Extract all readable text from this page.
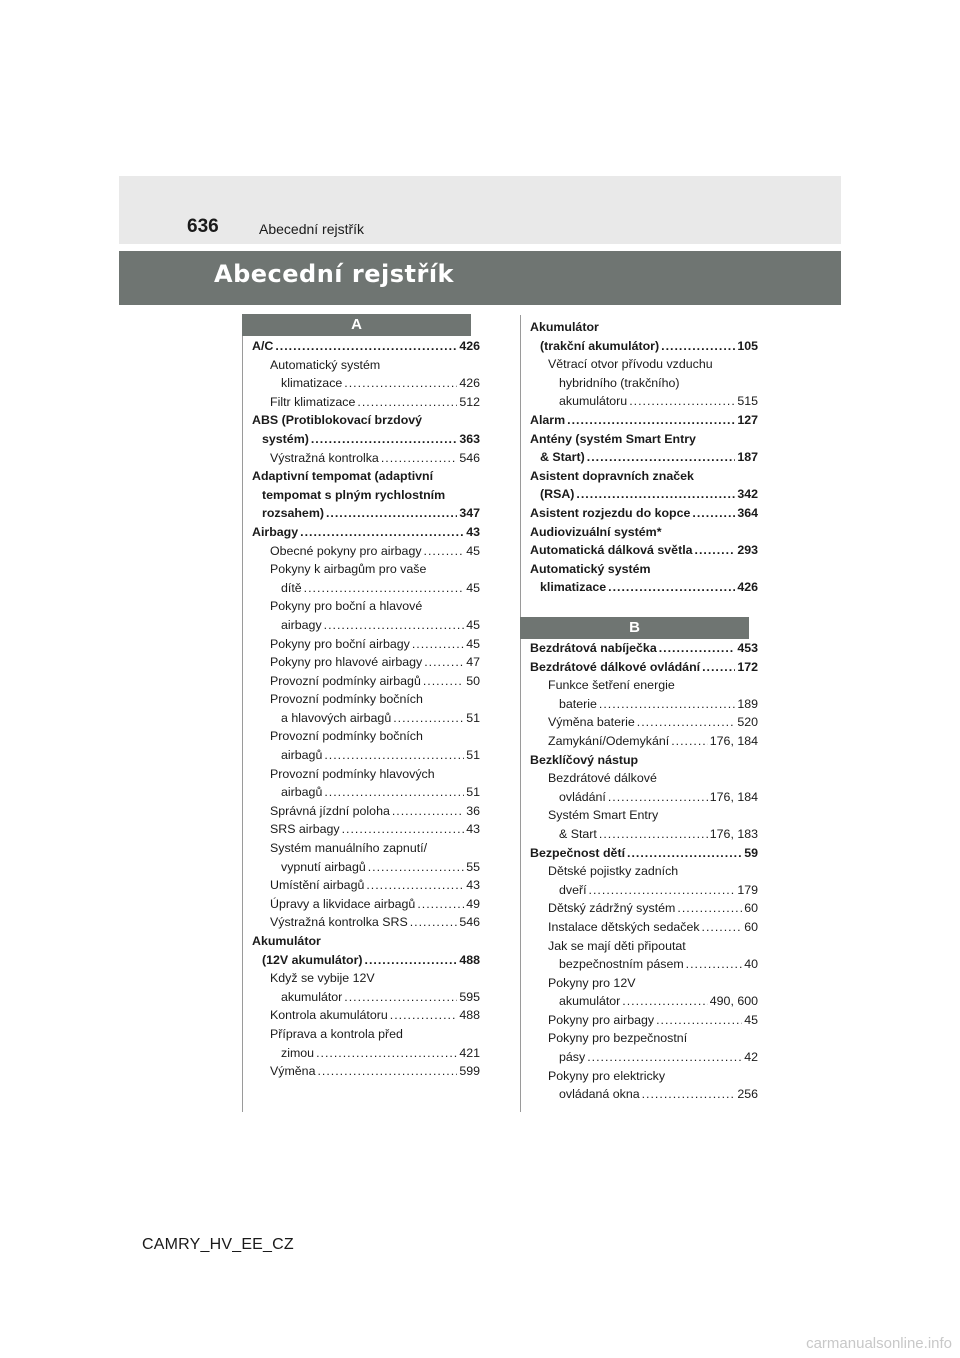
636	Abecední rejstřík
Abecední rejstřík
A
A/C .....	426
Automatický systém
klimatizace .....	426
Filtr klimatizace .....	512
ABS (Protiblokovací brzdový
systém) .....	363
Výstražná kontrolka .....	546
Adaptivní tempomat (adaptivní
tempomat s plným rychlostním
rozsahem) .....	347
Airbagy .....	43
Obecné pokyny pro airbagy .....	45
Pokyny k airbagům pro vaše
dítě .....	45
Pokyny pro boční a hlavové
airbagy .....	45
Pokyny pro boční airbagy .....	45
Pokyny pro hlavové airbagy .....	47
Provozní podmínky airbagů .....	50
Provozní podmínky bočních
a hlavových airbagů .....	51
Provozní podmínky bočních
airbagů .....	51
Provozní podmínky hlavových
airbagů .....	51
Správná jízdní poloha .....	36
SRS airbagy .....	43
Systém manuálního zapnutí/
vypnutí airbagů .....	55
Umístění airbagů .....	43
Úpravy a likvidace airbagů .....	49
Výstražná kontrolka SRS .....	546
Akumulátor
(12V akumulátor) .....	488
Když se vybije 12V
akumulátor .....	595
Kontrola akumulátoru .....	488
Příprava a kontrola před
zimou .....	421
Výměna .....	599
Akumulátor
(trakční akumulátor) .....	105
Větrací otvor přívodu vzduchu
hybridního (trakčního)
akumulátoru .....	515
Alarm .....	127
Antény (systém Smart Entry
& Start) .....	187
Asistent dopravních značek
(RSA) .....	342
Asistent rozjezdu do kopce .....	364
Audiovizuální systém*
Automatická dálková světla .....	293
Automatický systém
klimatizace .....	426
B
Bezdrátová nabíječka .....	453
Bezdrátové dálkové ovládání .....	172
Funkce šetření energie
baterie .....	189
Výměna baterie .....	520
Zamykání/Odemykání .....	176, 184
Bezklíčový nástup
Bezdrátové dálkové
ovládání .....	176, 184
Systém Smart Entry
& Start .....	176, 183
Bezpečnost dětí .....	59
Dětské pojistky zadních
dveří .....	179
Dětský zádržný systém .....	60
Instalace dětských sedaček .....	60
Jak se mají děti připoutat
bezpečnostním pásem .....	40
Pokyny pro 12V
akumulátor .....	490, 600
Pokyny pro airbagy .....	45
Pokyny pro bezpečnostní
pásy .....	42
Pokyny pro elektricky
ovládaná okna .....	256
CAMRY_HV_EE_CZ
carmanualsonline.info
